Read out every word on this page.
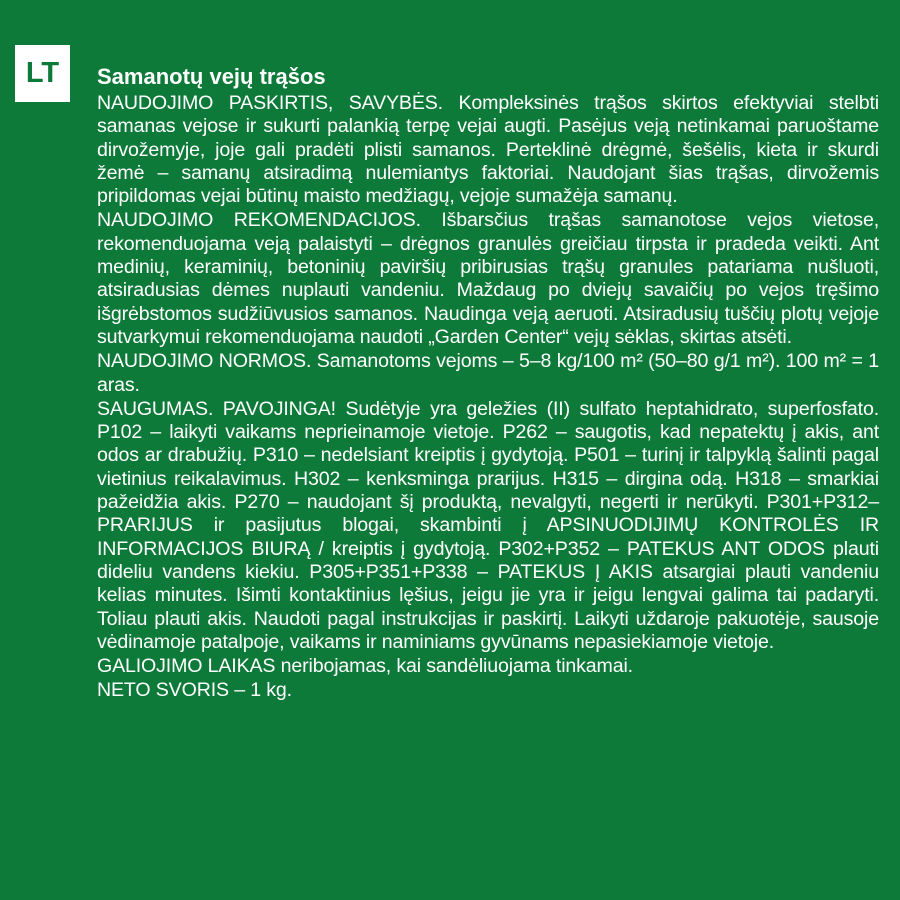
LT	Samanotų vejų trąšos
NAUDOJIMO PASKIRTIS, SAVYBĖS. Kompleksinės trąšos skirtos efektyviai stelbti samanas vejose ir sukurti palankią terpę vejai augti. Pasėjus veją netinkamai paruoštame dirvožemyje, joje gali pradėti plisti samanos. Perteklinė drėgmė, šešėlis, kieta ir skurdi žemė – samanų atsiradimą nulemiantys faktoriai. Naudojant šias trąšas, dirvožemis pripildomas vejai būtinų maisto medžiagų, vejoje sumažėja samanų.
NAUDOJIMO REKOMENDACIJOS. Išbarsčius trąšas samanotose vejos vietose, rekomenduojama veją palaistyti – drėgnos granulės greičiau tirpsta ir pradeda veikti. Ant medinių, keraminių, betoninių paviršių pribirusias trąšų granules patariama nušluoti, atsiradusias dėmes nuplauti vandeniu. Maždaug po dviejų savaičių po vejos tręšimo išgrėbstomos sudžiūvusios samanos. Naudinga veją aeruoti. Atsiradusių tuščių plotų vejoje sutvarkymui rekomenduojama naudoti „Garden Center“ vejų sėklas, skirtas atsėti.
NAUDOJIMO NORMOS. Samanotoms vejoms – 5–8 kg/100 m² (50–80 g/1 m²). 100 m² = 1 aras.
SAUGUMAS. PAVOJINGA! Sudėtyje yra geležies (II) sulfato heptahidrato, superfosfato. P102 – laikyti vaikams neprieinamoje vietoje. P262 – saugotis, kad nepatektų į akis, ant odos ar drabužių. P310 – nedelsiant kreiptis į gydytoją. P501 – turinį ir talpyklą šalinti pagal vietinius reikalavimus. H302 – kenksminga prarijus. H315 – dirgina odą. H318 – smarkiai pažeidžia akis. P270 – naudojant šį produktą, nevalgyti, negerti ir nerūkyti. P301+P312– PRARIJUS ir pasijutus blogai, skambinti į APSINUODIJIMŲ KONTROLĖS IR INFORMACIJOS BIURĄ / kreiptis į gydytoją. P302+P352 – PATEKUS ANT ODOS plauti dideliu vandens kiekiu. P305+P351+P338 – PATEKUS Į AKIS atsargiai plauti vandeniu kelias minutes. Išimti kontaktinius lęšius, jeigu jie yra ir jeigu lengvai galima tai padaryti. Toliau plauti akis. Naudoti pagal instrukcijas ir paskirtį. Laikyti uždaroje pakuotėje, sausoje vėdinamoje patalpoje, vaikams ir naminiams gyvūnams nepasiekiamoje vietoje.
GALIOJIMO LAIKAS neribojamas, kai sandėliuojama tinkamai.
NETO SVORIS – 1 kg.
